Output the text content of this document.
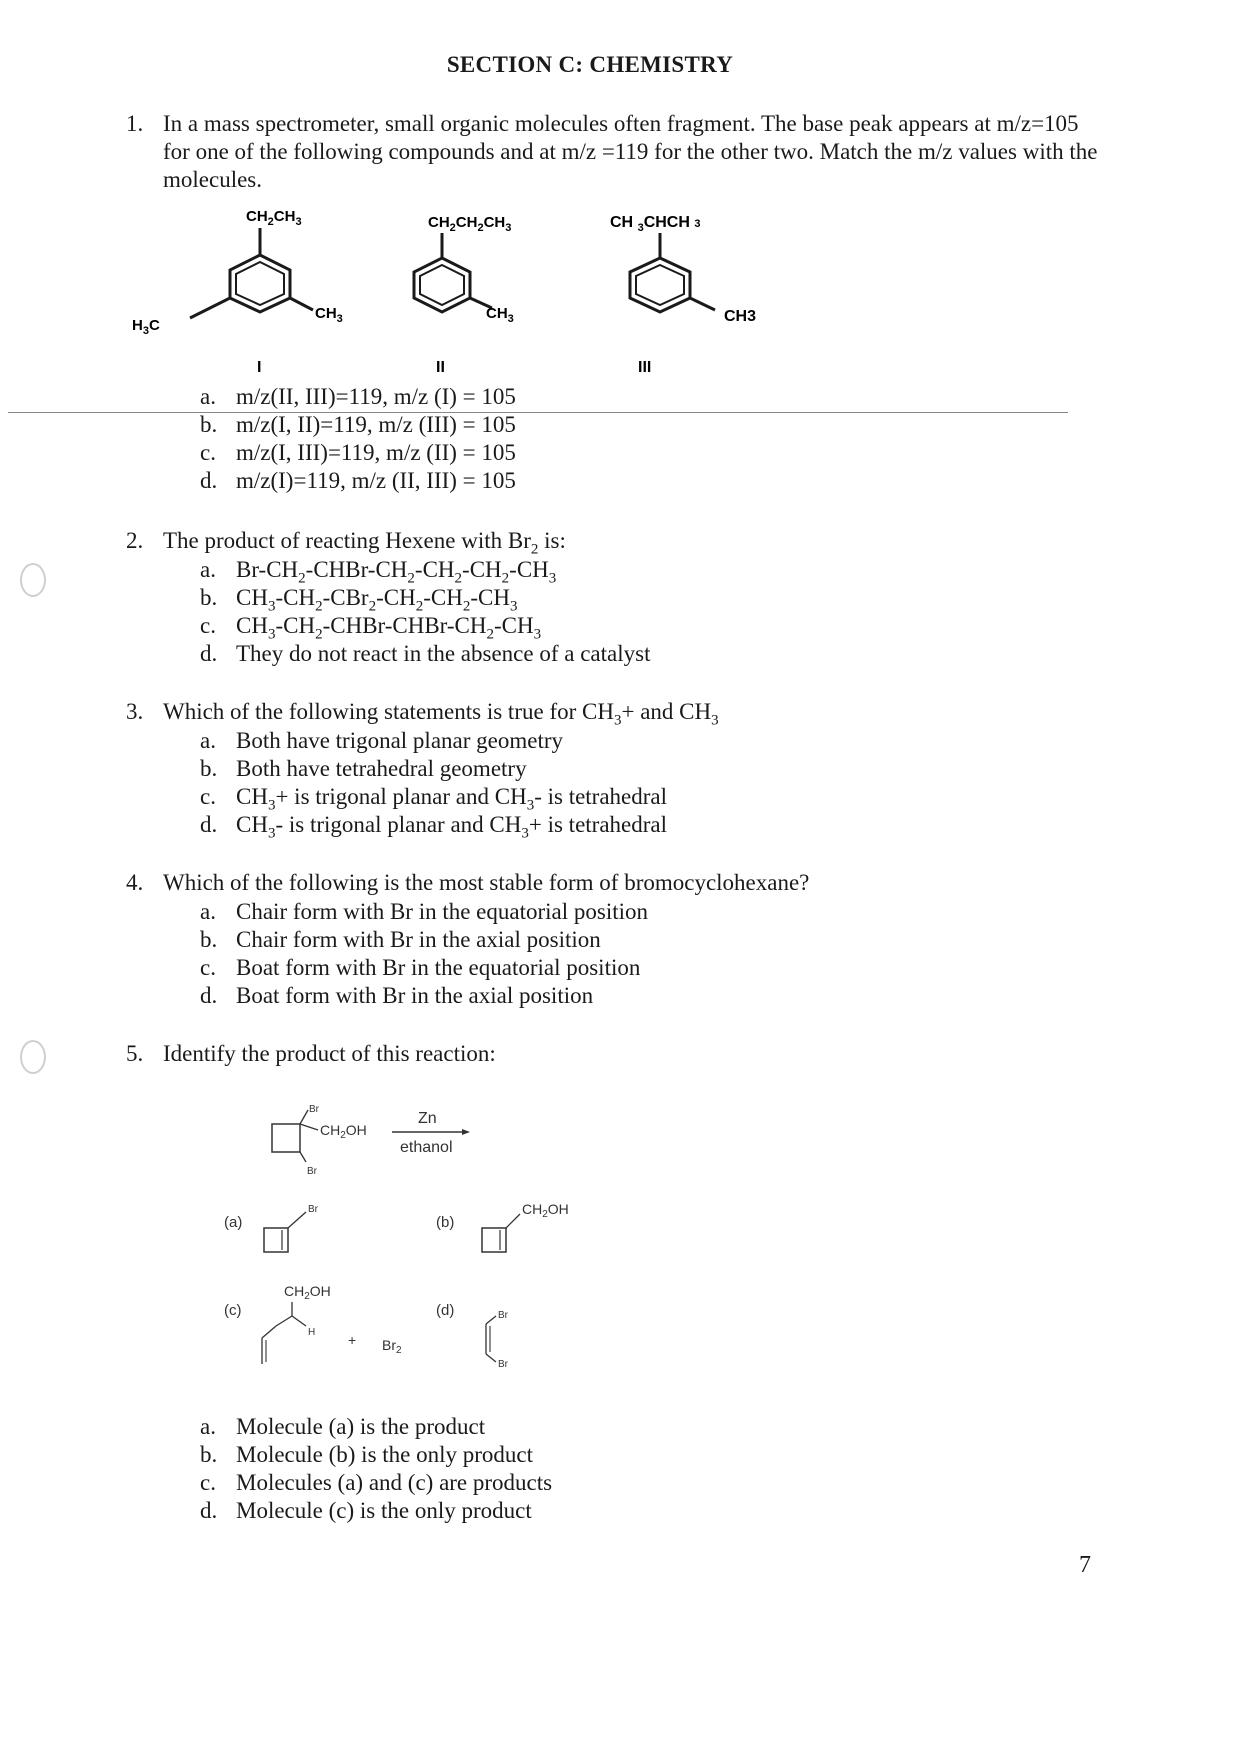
SECTION C: CHEMISTRY
1. In a mass spectrometer, small organic molecules often fragment. The base peak appears at m/z=105 for one of the following compounds and at m/z =119 for the other two. Match the m/z values with the molecules.
$CH_2CH_3$
$CH_3$
$H_3C$
I
$CH_2CH_2CH_3$
$CH_3$
II
CH $_3$CHCH 3
CH3
III
a. m/z(II, III)=119, m/z (I) = 105
b. m/z(I, II)=119, m/z (III) = 105
c. m/z(I, III)=119, m/z (II) = 105
d. m/z(I)=119, m/z (II, III) = 105
2. The product of reacting Hexene with $Br_2$ is:
a. $Br-CH_2-CHBr-CH_2-CH_2-CH_2-CH_3$
b. $CH_3-CH_2-CBr_2-CH_2-CH_2-CH_3$
c. $CH_3-CH_2-CHBr-CHBr-CH_2-CH_3$
d. They do not react in the absence of a catalyst
3. Which of the following statements is true for $CH_3+$ and $CH_3$
a. Both have trigonal planar geometry
b. Both have tetrahedral geometry
c. $CH_3+$ is trigonal planar and $CH_3-$ is tetrahedral
d. $CH_3-$ is trigonal planar and $CH_3+$ is tetrahedral
4. Which of the following is the most stable form of bromocyclohexane?
a. Chair form with Br in the equatorial position
b. Chair form with Br in the axial position
c. Boat form with Br in the equatorial position
d. Boat form with Br in the axial position
5. Identify the product of this reaction:
Br
$CH_2OH$
Br
Zn
ethanol
(a)
Br
(b)
$CH_2OH$
(c)
$CH_2OH$
$H + Br_2$
(d)	Br
Br
a. Molecule (a) is the product
b. Molecule (b) is the only product
c. Molecules (a) and (c) are products
d. Molecule (c) is the only product
7
